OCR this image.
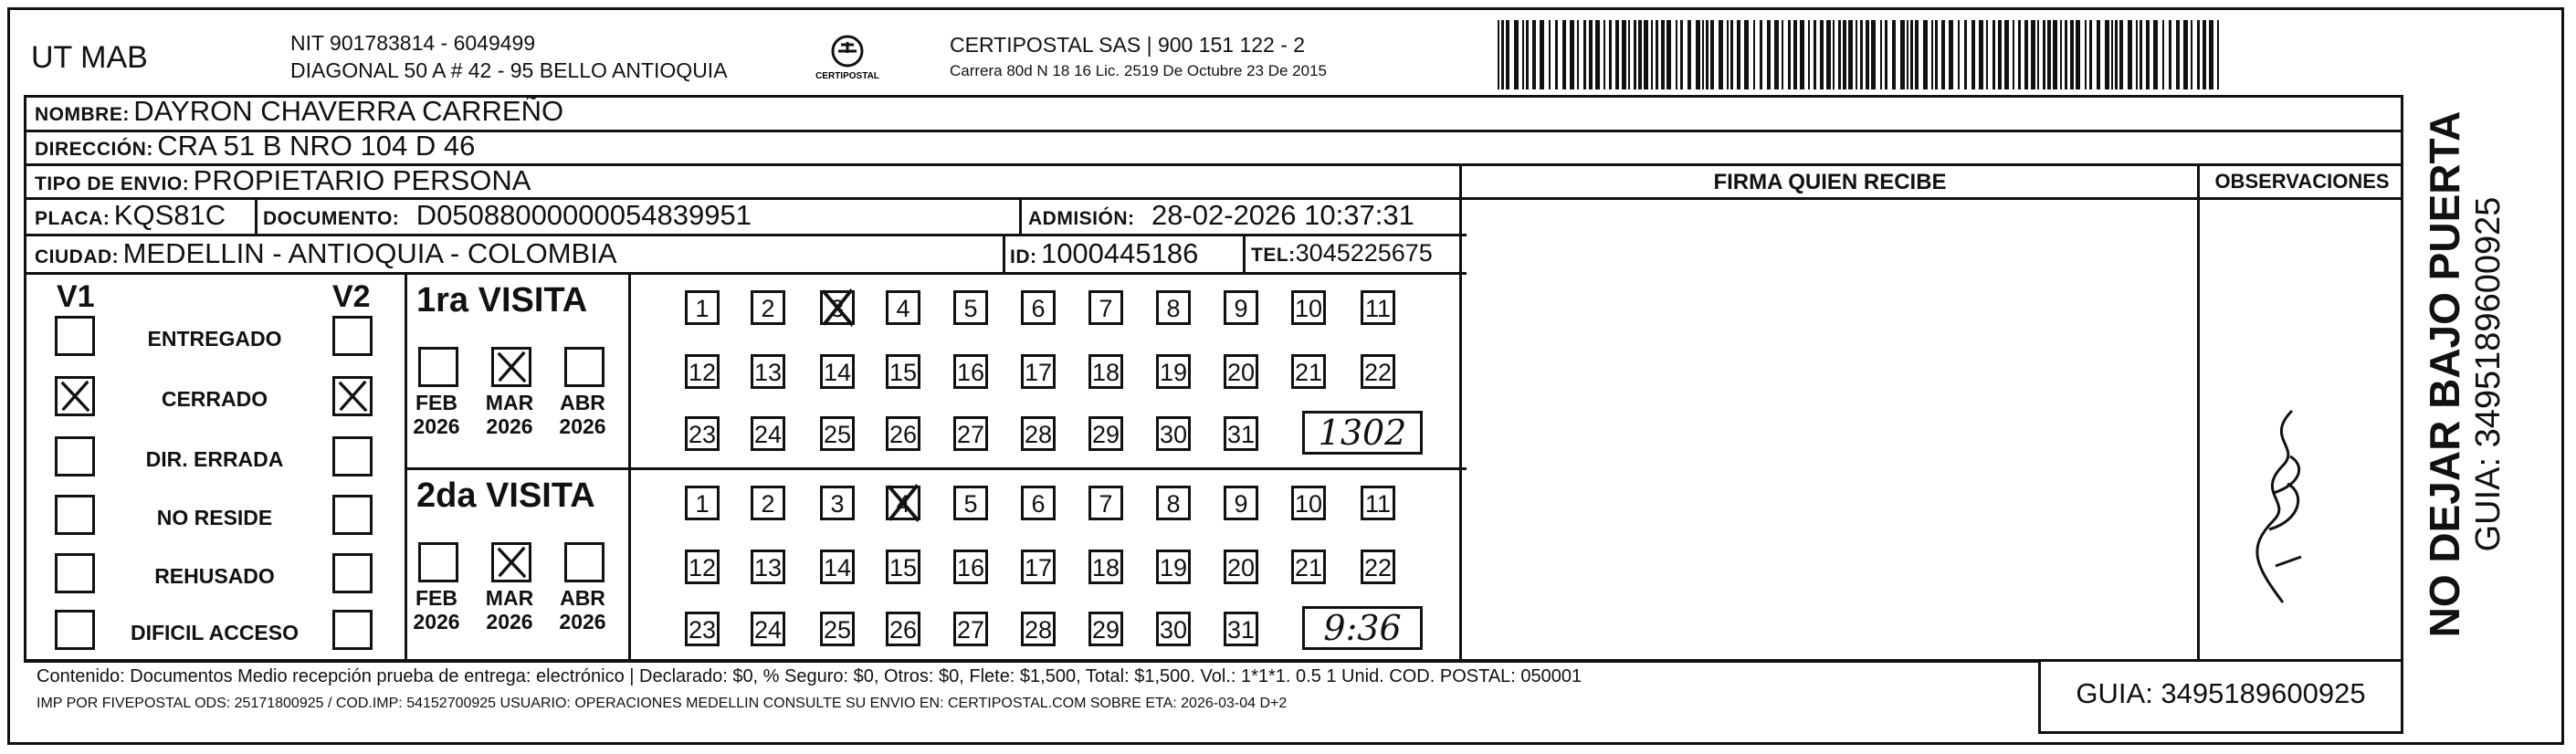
UT MAB	NIT 901783814 - 6049499
DIAGONAL 50 A # 42 - 95 BELLO ANTIOQUIA	CERTIPOSTAL
CERTIPOSTAL SAS | 900 151 122 - 2
Carrera 80d N 18 16 Lic. 2519 De Octubre 23 De 2015
NOMBRE: DAYRON CHAVERRA CARREÑO
DIRECCIÓN: CRA 51 B NRO 104 D 46
TIPO DE ENVIO: PROPIETARIO PERSONA	FIRMA QUIEN RECIBE	OBSERVACIONES
PLACA: KQS81C DOCUMENTO: D05088000000054839951	ADMISIÓN: 28-02-2026 10:37:31
CIUDAD: MEDELLIN - ANTIOQUIA - COLOMBIA	ID: 1000445186	TEL:3045225675
V1	V2
ENTREGADO
CERRADO
DIR. ERRADA
NO RESIDE
REHUSADO
DIFICIL ACCESO
1ra VISITA
FEB
2026
MAR
2026
ABR
2026
1	2	3	4	5	6	7	8	9	10 11
12 13 14 15 16 17 18 19 20 21 22
23 24 25 26 27 28 29 30 31	1302
2da VISITA
FEB
2026
MAR
2026
ABR
2026
1	2	3	4	5	6	7	8	9	10 11
12 13 14 15 16 17 18 19 20 21 22
23 24 25 26 27 28 29 30 31	9:36
Contenido: Documentos Medio recepción prueba de entrega: electrónico | Declarado: $0, % Seguro: $0, Otros: $0, Flete: $1,500, Total: $1,500. Vol.: 1*1*1. 0.5 1 Unid. COD. POSTAL: 050001
IMP POR FIVEPOSTAL ODS: 25171800925 / COD.IMP: 54152700925 USUARIO: OPERACIONES MEDELLIN CONSULTE SU ENVIO EN: CERTIPOSTAL.COM SOBRE ETA: 2026-03-04 D+2	GUIA: 3495189600925
NO DEJAR BAJO PUERTA GUIA: 3495189600925
